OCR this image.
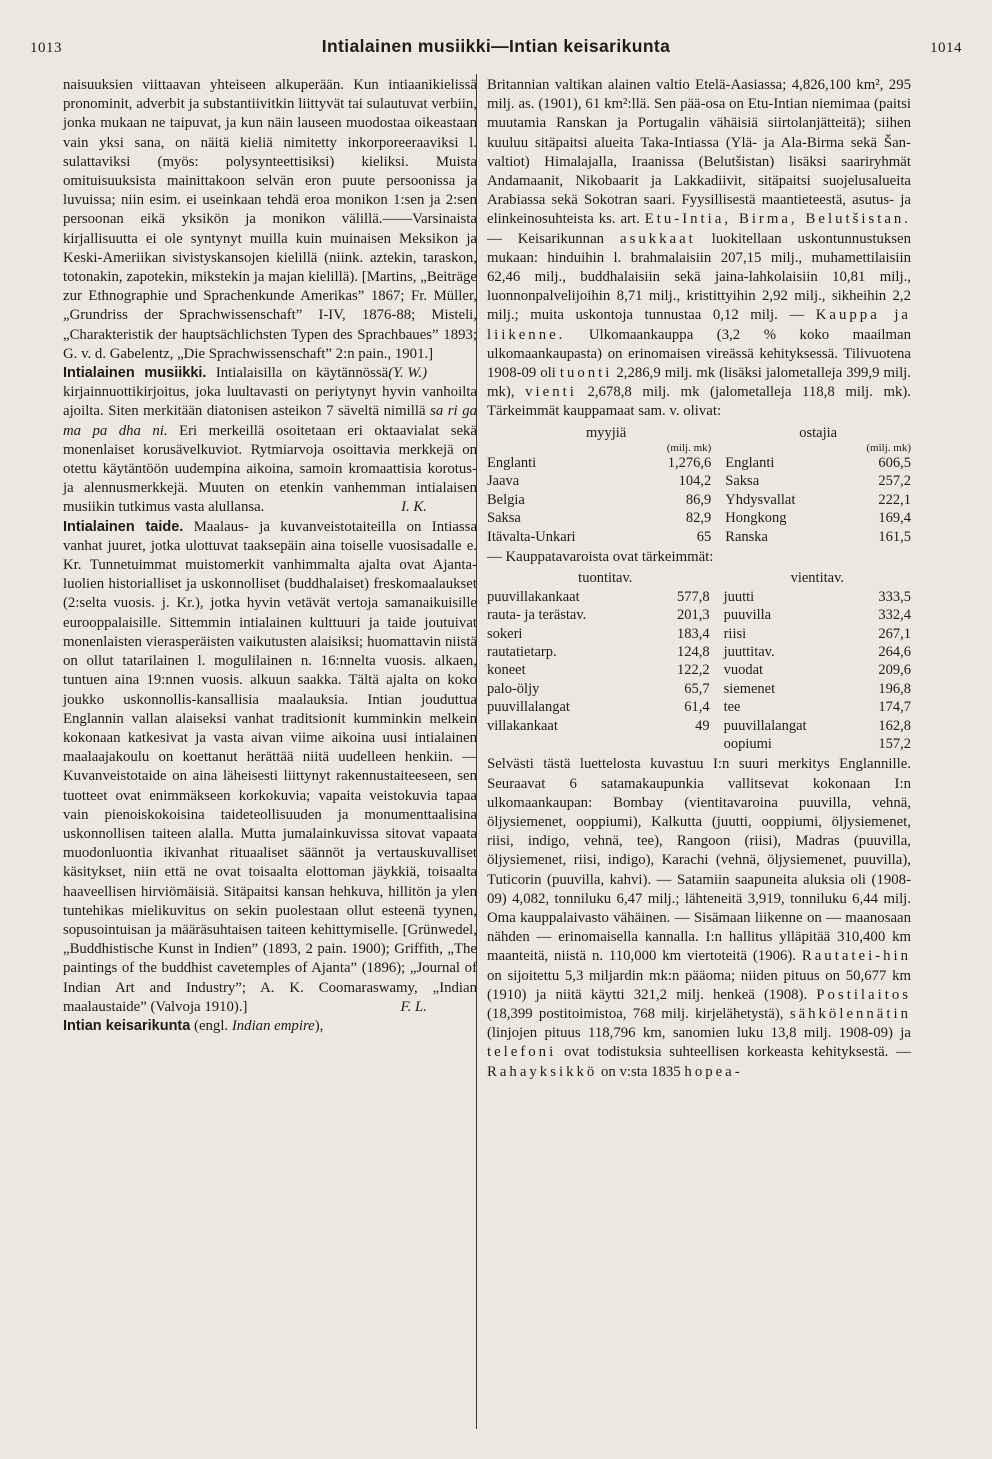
1013	Intialainen musiikki—Intian keisarikunta	1014

naisuuksien viittaavan yhteiseen alkuperään. Kun intiaanikielissä pronominit, adverbit ja substantiivitkin liittyvät tai sulautuvat verbiin, jonka mukaan ne taipuvat, ja kun näin lauseen muodostaa oikeastaan vain yksi sana, on näitä kieliä nimitetty inkorporeeraaviksi l. sulattaviksi (myös: polysynteettisiksi) kieliksi. Muista omituisuuksista mainittakoon selvän eron puute persoonissa ja luvuissa; niin esim. ei useinkaan tehdä eroa monikon 1:sen ja 2:sen persoonan eikä yksikön ja monikon välillä.——Varsinaista kirjallisuutta ei ole syntynyt muilla kuin muinaisen Meksikon ja Keski-Ameriikan sivistyskansojen kielillä (niink. aztekin, taraskon, totonakin, zapotekin, mikstekin ja majan kielillä). [Martins, „Beiträge zur Ethnographie und Sprachenkunde Amerikas” 1867; Fr. Müller, „Grundriss der Sprachwissenschaft” I-IV, 1876-88; Misteli, „Charakteristik der hauptsächlichsten Typen des Sprachbaues” 1893; G. v. d. Gabelentz, „Die Sprachwissenschaft” 2:n pain., 1901.]
(Y. W.)

Intialainen musiikki. Intialaisilla on käytännössä kirjainnuottikirjoitus, joka luultavasti on periytynyt hyvin vanhoilta ajoilta. Siten merkitään diatonisen asteikon 7 säveltä nimillä sa ri ga ma pa dha ni. Eri merkeillä osoitetaan eri oktaavialat sekä monenlaiset korusävelkuviot. Rytmiarvoja osoittavia merkkejä on otettu käytäntöön uudempina aikoina, samoin kromaattisia korotus- ja alennusmerkkejä. Muuten on etenkin vanhemman intialaisen musiikin tutkimus vasta alullansa.	I. K.

Intialainen taide. Maalaus- ja kuvanveistotaiteilla on Intiassa vanhat juuret, jotka ulottuvat taaksepäin aina toiselle vuosisadalle e. Kr. Tunnetuimmat muistomerkit vanhimmalta ajalta ovat Ajanta-luolien historialliset ja uskonnolliset (buddhalaiset) freskomaalaukset (2:selta vuosis. j. Kr.), jotka hyvin vetävät vertoja samanaikuisille eurooppalaisille. Sittemmin intialainen kulttuuri ja taide joutuivat monenlaisten vierasperäisten vaikutusten alaisiksi; huomattavin niistä on ollut tatarilainen l. mogulilainen n. 16:nnelta vuosis. alkaen, tuntuen aina 19:nnen vuosis. alkuun saakka. Tältä ajalta on koko joukko uskonnollis-kansallisia maalauksia. Intian jouduttua Englannin vallan alaiseksi vanhat traditsionit kumminkin melkein kokonaan katkesivat ja vasta aivan viime aikoina uusi intialainen maalaajakoulu on koettanut herättää niitä uudelleen henkiin. — Kuvanveistotaide on aina läheisesti liittynyt rakennustaiteeseen, sen tuotteet ovat enimmäkseen korkokuvia; vapaita veistokuvia tapaa vain pienoiskokoisina taideteollisuuden ja monumenttaalisina uskonnollisen taiteen alalla. Mutta jumalainkuvissa sitovat vapaata muodonluontia ikivanhat rituaaliset säännöt ja vertauskuvalliset käsitykset, niin että ne ovat toisaalta elottoman jäykkiä, toisaalta haaveellisen hirviömäisiä. Sitäpaitsi kansan hehkuva, hillitön ja ylen tuntehikas mielikuvitus on sekin puolestaan ollut esteenä tyynen, sopusointuisan ja määräsuhtaisen taiteen kehittymiselle. [Grünwedel, „Buddhistische Kunst in Indien” (1893, 2 pain. 1900); Griffith, „The paintings of the buddhist cavetemples of Ajanta” (1896); „Journal of Indian Art and Industry”; A. K. Coomaraswamy, „Indian maalaustaide” (Valvoja 1910).]	F. L.

Intian keisarikunta (engl. Indian empire),

Britannian valtikan alainen valtio Etelä-Aasiassa; 4,826,100 km², 295 milj. as. (1901), 61 km²:llä. Sen pää-osa on Etu-Intian niemimaa (paitsi muutamia Ranskan ja Portugalin vähäisiä siirtolanjätteitä); siihen kuuluu sitäpaitsi alueita Taka-Intiassa (Ylä- ja Ala-Birma sekä Šan-valtiot) Himalajalla, Iraanissa (Belutšistan) lisäksi saariryhmät Andamaanit, Nikobaarit ja Lakkadiivit, sitäpaitsi suojelusalueita Arabiassa sekä Sokotran saari. Fyysillisestä maantieteestä, asutus- ja elinkeinosuhteista ks. art. Etu-Intia, Birma, Belutšistan. — Keisarikunnan asukkaat luokitellaan uskontunnustuksen mukaan: hinduihin l. brahmalaisiin 207,15 milj., muhamettilaisiin 62,46 milj., buddhalaisiin sekä jaina-lahkolaisiin 10,81 milj., luonnonpalvelijoihin 8,71 milj., kristittyihin 2,92 milj., sikheihin 2,2 milj.; muita uskontoja tunnustaa 0,12 milj. — Kauppa ja liikenne. Ulkomaankauppa (3,2 % koko maailman ulkomaankaupasta) on erinomaisen vireässä kehityksessä. Tilivuotena 1908-09 oli tuonti 2,286,9 milj. mk (lisäksi jalometalleja 399,9 milj. mk), vienti 2,678,8 milj. mk (jalometalleja 118,8 milj. mk). Tärkeimmät kauppamaat sam. v. olivat:

myyjiä		ostajia	
	(milj. mk)		(milj. mk)
Englanti	1,276,6	Englanti	606,5
Jaava	104,2	Saksa	257,2
Belgia	86,9	Yhdysvallat	222,1
Saksa	82,9	Hongkong	169,4
Itävalta-Unkari	65	Ranska	161,5

— Kauppatavaroista ovat tärkeimmät:

tuontitav.		vientitav.	
puuvillakankaat	577,8	juutti	333,5
rauta- ja terästav.	201,3	puuvilla	332,4
sokeri	183,4	riisi	267,1
rautatietarp.	124,8	juuttitav.	264,6
koneet	122,2	vuodat	209,6
palo-öljy	65,7	siemenet	196,8
puuvillalangat	61,4	tee	174,7
villakankaat	49	puuvillalangat	162,8
		oopiumi	157,2

Selvästi tästä luettelosta kuvastuu I:n suuri merkitys Englannille. Seuraavat 6 satamakaupunkia vallitsevat kokonaan I:n ulkomaankaupan: Bombay (vientitavaroina puuvilla, vehnä, öljysiemenet, ooppiumi), Kalkutta (juutti, ooppiumi, öljysiemenet, riisi, indigo, vehnä, tee), Rangoon (riisi), Madras (puuvilla, öljysiemenet, riisi, indigo), Karachi (vehnä, öljysiemenet, puuvilla), Tuticorin (puuvilla, kahvi). — Satamiin saapuneita aluksia oli (1908-09) 4,082, tonniluku 6,47 milj.; lähteneitä 3,919, tonniluku 6,44 milj. Oma kauppalaivasto vähäinen. — Sisämaan liikenne on — maanosaan nähden — erinomaisella kannalla. I:n hallitus ylläpitää 310,400 km maanteitä, niistä n. 110,000 km viertoteitä (1906). Rautatei-hin on sijoitettu 5,3 miljardin mk:n pääoma; niiden pituus on 50,677 km (1910) ja niitä käytti 321,2 milj. henkeä (1908). Postilaitos (18,399 postitoimistoa, 768 milj. kirjelähetystä), sähkölennätin (linjojen pituus 118,796 km, sanomien luku 13,8 milj. 1908-09) ja telefoni ovat todistuksia suhteellisen korkeasta kehityksestä. — Rahayksikkö on v:sta 1835 hopea-
